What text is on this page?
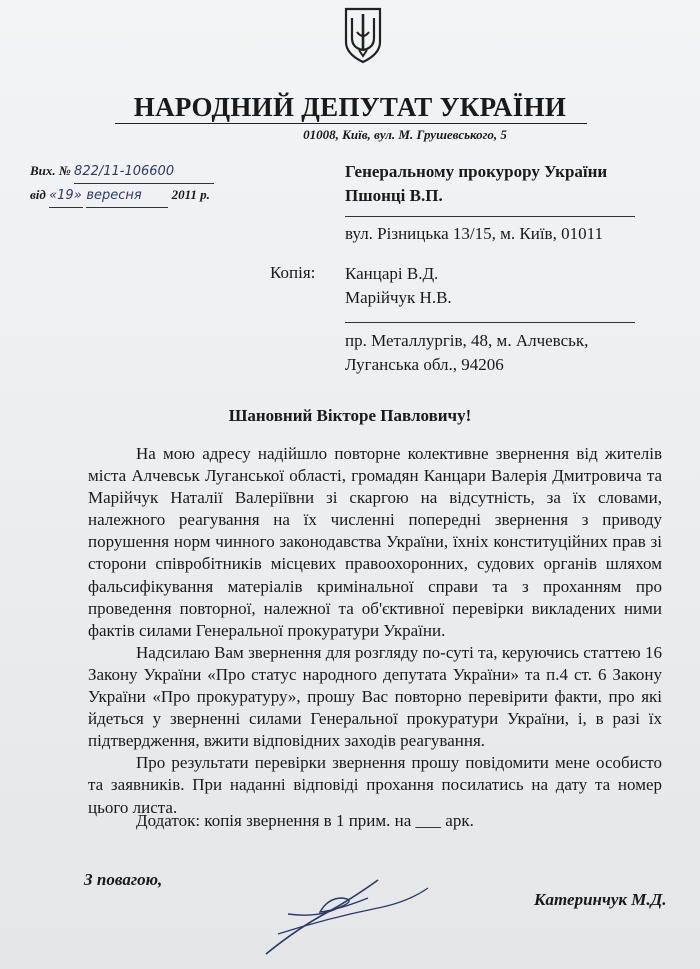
НАРОДНИЙ ДЕПУТАТ УКРАЇНИ
01008, Київ, вул. М. Грушевського, 5
Вих. № 822/11-106600
від «19» вересня 2011 р.
Генеральному прокурору України
Пшонці В.П.
вул. Різницька 13/15, м. Київ, 01011
Копія: Канцарі В.Д.
Марійчук Н.В.
пр. Металлургів, 48, м. Алчевськ,
Луганська обл., 94206
Шановний Вікторе Павловичу!

На мою адресу надійшло повторне колективне звернення від жителів міста Алчевськ Луганської області, громадян Канцари Валерія Дмитровича та Марійчук Наталії Валеріївни зі скаргою на відсутність, за їх словами, належного реагування на їх численні попередні звернення з приводу порушення норм чинного законодавства України, їхніх конституційних прав зі сторони співробітників місцевих правоохоронних, судових органів шляхом фальсифікування матеріалів кримінальної справи та з проханням про проведення повторної, належної та об'єктивної перевірки викладених ними фактів силами Генеральної прокуратури України.

Надсилаю Вам звернення для розгляду по-суті та, керуючись статтею 16 Закону України «Про статус народного депутата України» та п.4 ст. 6 Закону України «Про прокуратуру», прошу Вас повторно перевірити факти, про які йдеться у зверненні силами Генеральної прокуратури України, і, в разі їх підтвердження, вжити відповідних заходів реагування.

Про результати перевірки звернення прошу повідомити мене особисто та заявників. При наданні відповіді прохання посилатись на дату та номер цього листа.

Додаток: копія звернення в 1 прим. на ___ арк.
З повагою,
Катеринчук М.Д.
